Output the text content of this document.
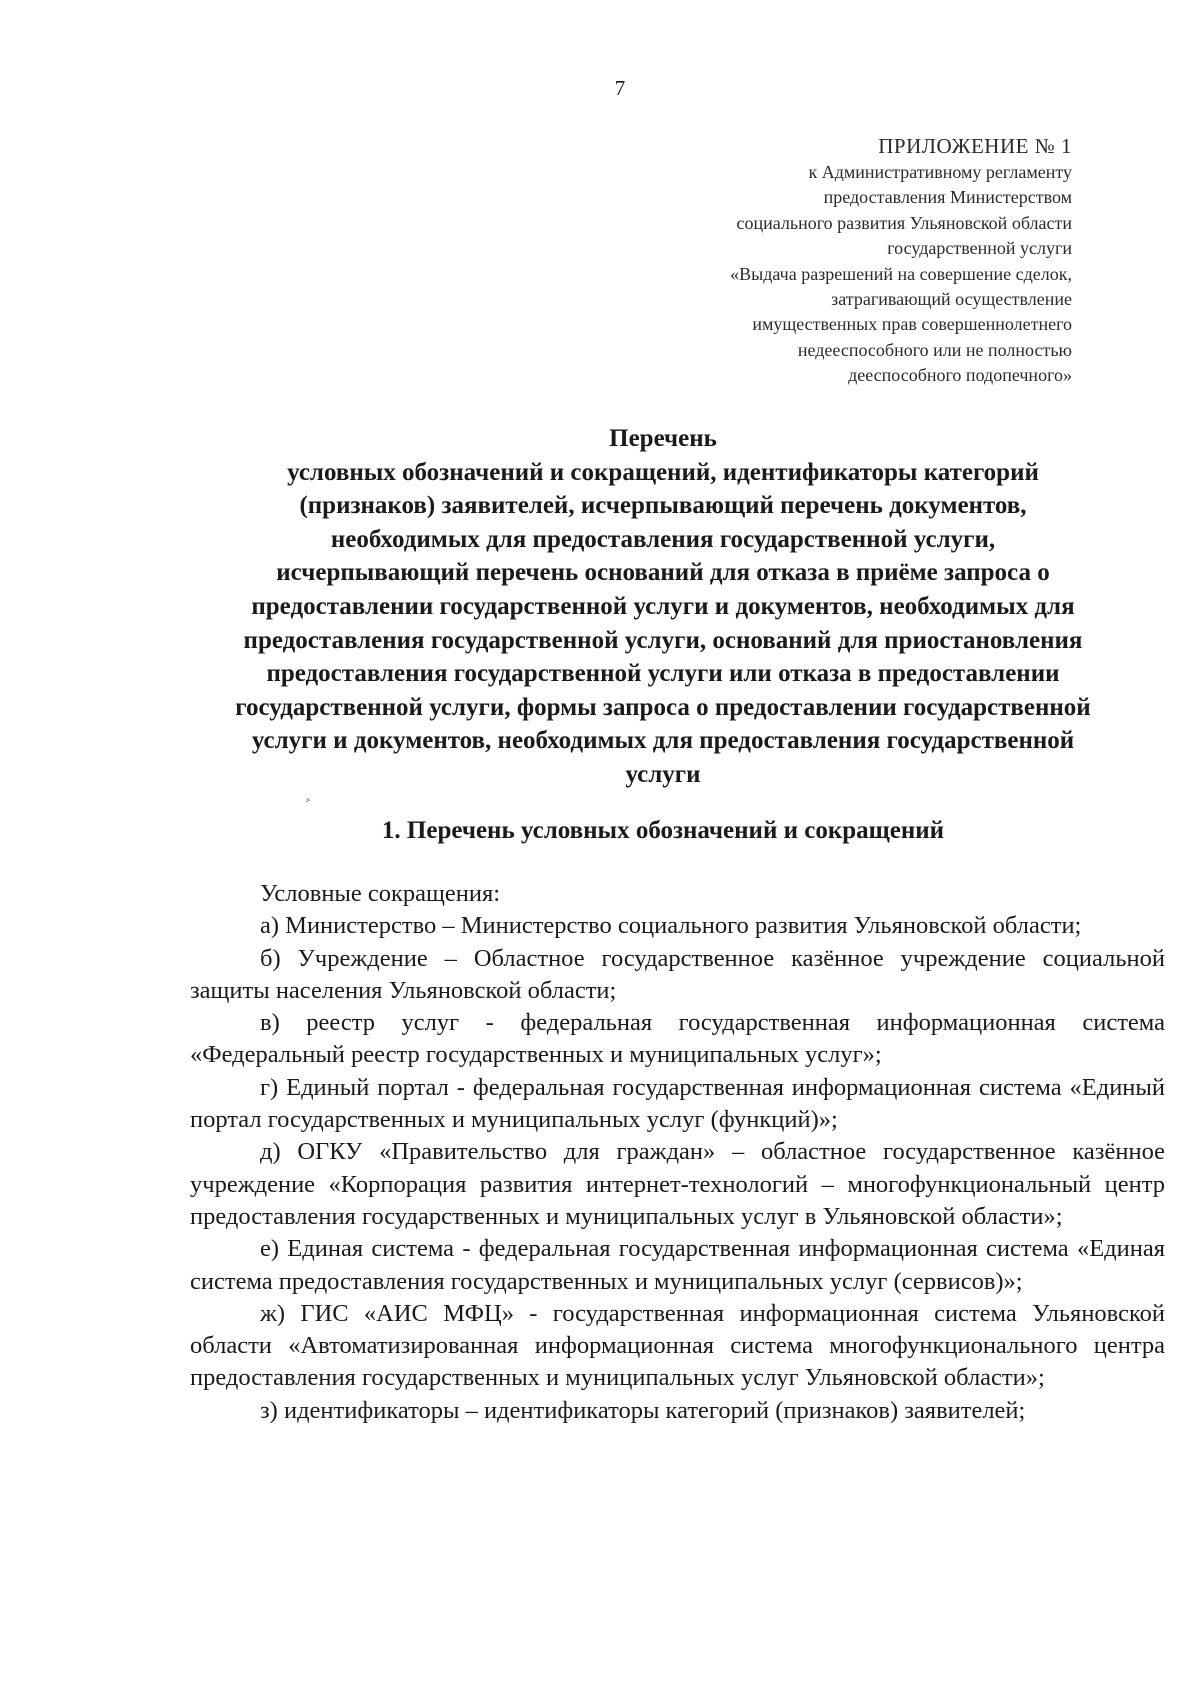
7
ПРИЛОЖЕНИЕ № 1
к Административному регламенту
предоставления Министерством
социального развития Ульяновской области
государственной услуги
«Выдача разрешений на совершение сделок,
затрагивающий осуществление
имущественных прав совершеннолетнего
недееспособного или не полностью
дееспособного подопечного»
Перечень
условных обозначений и сокращений, идентификаторы категорий
(признаков) заявителей, исчерпывающий перечень документов,
необходимых для предоставления государственной услуги,
исчерпывающий перечень оснований для отказа в приёме запроса о
предоставлении государственной услуги и документов, необходимых для
предоставления государственной услуги, оснований для приостановления
предоставления государственной услуги или отказа в предоставлении
государственной услуги, формы запроса о предоставлении государственной
услуги и документов, необходимых для предоставления государственной
услуги
⸗
1. Перечень условных обозначений и сокращений

Условные сокращения:

а) Министерство – Министерство социального развития Ульяновской области;

б) Учреждение – Областное государственное казённое учреждение социальной защиты населения Ульяновской области;

в) реестр услуг - федеральная государственная информационная система «Федеральный реестр государственных и муниципальных услуг»;

г) Единый портал - федеральная государственная информационная система «Единый портал государственных и муниципальных услуг (функций)»;

д) ОГКУ «Правительство для граждан» – областное государственное казённое учреждение «Корпорация развития интернет-технологий – многофункциональный центр предоставления государственных и муниципальных услуг в Ульяновской области»;

е) Единая система - федеральная государственная информационная система «Единая система предоставления государственных и муниципальных услуг (сервисов)»;

ж) ГИС «АИС МФЦ» - государственная информационная система Ульяновской области «Автоматизированная информационная система многофункционального центра предоставления государственных и муниципальных услуг Ульяновской области»;

з) идентификаторы – идентификаторы категорий (признаков) заявителей;
